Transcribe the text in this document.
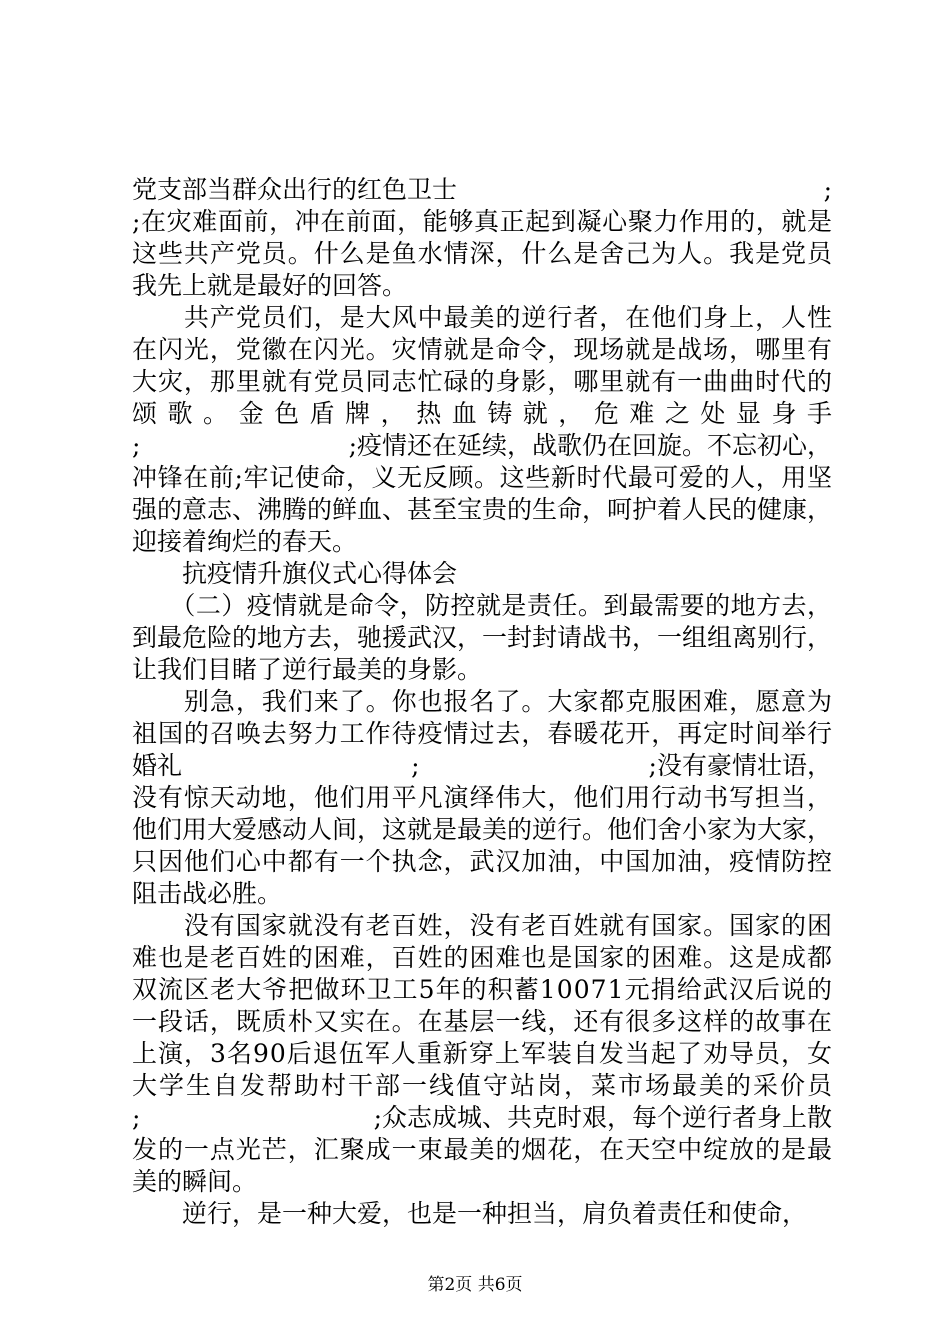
党支部当群众出行的红色卫士	;
;在灾难面前，冲在前面，能够真正起到凝心聚力作用的，就是
这些共产党员。什么是鱼水情深，什么是舍己为人。我是党员
我先上就是最好的回答。
　　共产党员们，是大风中最美的逆行者，在他们身上，人性
在闪光，党徽在闪光。灾情就是命令，现场就是战场，哪里有
大灾，那里就有党员同志忙碌的身影，哪里就有一曲曲时代的
颂歌。金色盾牌，热血铸就，危难之处显身手
;	;疫情还在延续，战歌仍在回旋。不忘初心，
冲锋在前;牢记使命，义无反顾。这些新时代最可爱的人，用坚
强的意志、沸腾的鲜血、甚至宝贵的生命，呵护着人民的健康，
迎接着绚烂的春天。
　　抗疫情升旗仪式心得体会
　　（二）疫情就是命令，防控就是责任。到最需要的地方去，
到最危险的地方去，驰援武汉，一封封请战书，一组组离别行，
让我们目睹了逆行最美的身影。
　　别急，我们来了。你也报名了。大家都克服困难，愿意为
祖国的召唤去努力工作待疫情过去，春暖花开，再定时间举行
婚礼	;	;没有豪情壮语，
没有惊天动地，他们用平凡演绎伟大，他们用行动书写担当，
他们用大爱感动人间，这就是最美的逆行。他们舍小家为大家，
只因他们心中都有一个执念，武汉加油，中国加油，疫情防控
阻击战必胜。
　　没有国家就没有老百姓，没有老百姓就有国家。国家的困
难也是老百姓的困难，百姓的困难也是国家的困难。这是成都
双流区老大爷把做环卫工5年的积蓄10071元捐给武汉后说的
一段话，既质朴又实在。在基层一线，还有很多这样的故事在
上演，3名90后退伍军人重新穿上军装自发当起了劝导员，女
大学生自发帮助村干部一线值守站岗，菜市场最美的采价员
;	;众志成城、共克时艰，每个逆行者身上散
发的一点光芒，汇聚成一束最美的烟花，在天空中绽放的是最
美的瞬间。
　　逆行，是一种大爱，也是一种担当，肩负着责任和使命，
第2页 共6页
